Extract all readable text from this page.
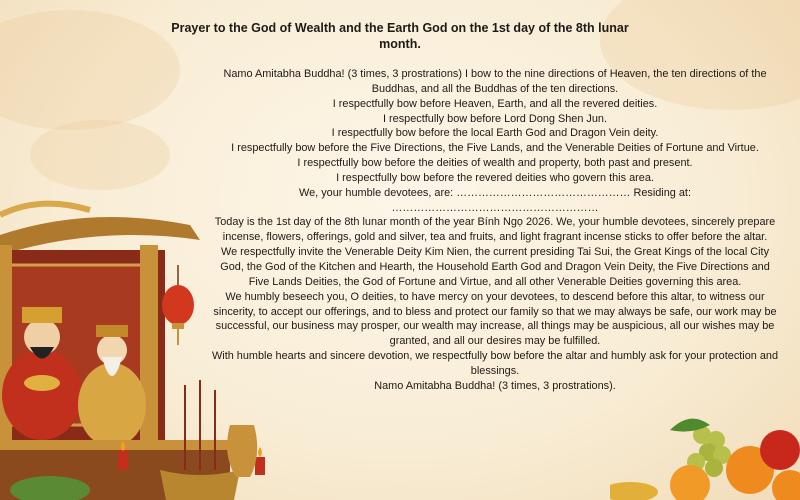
Prayer to the God of Wealth and the Earth God on the 1st day of the 8th lunar month.

Namo Amitabha Buddha! (3 times, 3 prostrations) I bow to the nine directions of Heaven, the ten directions of the Buddhas, and all the Buddhas of the ten directions.

I respectfully bow before Heaven, Earth, and all the revered deities.

I respectfully bow before Lord Dong Shen Jun.

I respectfully bow before the local Earth God and Dragon Vein deity.

I respectfully bow before the Five Directions, the Five Lands, and the Venerable Deities of Fortune and Virtue.

I respectfully bow before the deities of wealth and property, both past and present.

I respectfully bow before the revered deities who govern this area.

We, your humble devotees, are: ………………………………………… Residing at: …………………………………………………

Today is the 1st day of the 8th lunar month of the year Bính Ngọ 2026. We, your humble devotees, sincerely prepare incense, flowers, offerings, gold and silver, tea and fruits, and light fragrant incense sticks to offer before the altar.

We respectfully invite the Venerable Deity Kim Nien, the current presiding Tai Sui, the Great Kings of the local City God, the God of the Kitchen and Hearth, the Household Earth God and Dragon Vein Deity, the Five Directions and Five Lands Deities, the God of Fortune and Virtue, and all other Venerable Deities governing this area.

We humbly beseech you, O deities, to have mercy on your devotees, to descend before this altar, to witness our sincerity, to accept our offerings, and to bless and protect our family so that we may always be safe, our work may be successful, our business may prosper, our wealth may increase, all things may be auspicious, all our wishes may be granted, and all our desires may be fulfilled.

With humble hearts and sincere devotion, we respectfully bow before the altar and humbly ask for your protection and blessings.

Namo Amitabha Buddha! (3 times, 3 prostrations).
